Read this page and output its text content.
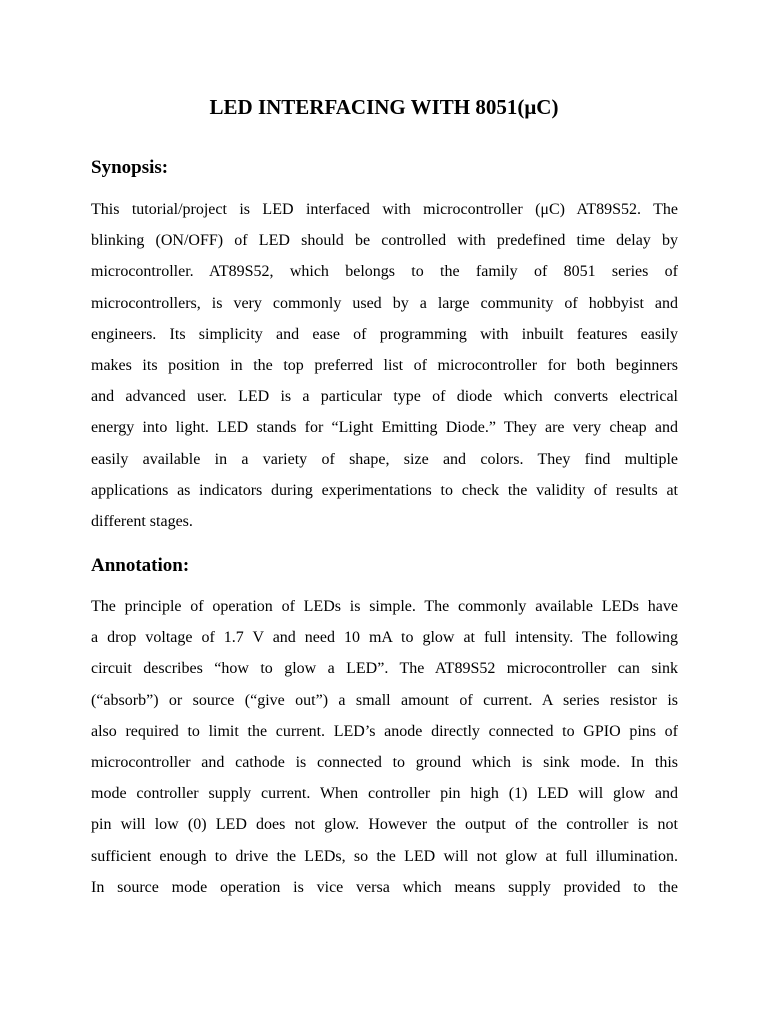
LED INTERFACING WITH 8051(μC)
Synopsis:

This tutorial/project is LED interfaced with microcontroller (μC) AT89S52. The
blinking (ON/OFF) of LED should be controlled with predefined time delay by
microcontroller. AT89S52, which belongs to the family of 8051 series of
microcontrollers, is very commonly used by a large community of hobbyist and
engineers. Its simplicity and ease of programming with inbuilt features easily
makes its position in the top preferred list of microcontroller for both beginners
and advanced user. LED is a particular type of diode which converts electrical
energy into light. LED stands for “Light Emitting Diode.” They are very cheap and
easily available in a variety of shape, size and colors. They find multiple
applications as indicators during experimentations to check the validity of results at
different stages.

Annotation:

The principle of operation of LEDs is simple. The commonly available LEDs have
a drop voltage of 1.7 V and need 10 mA to glow at full intensity. The following
circuit describes “how to glow a LED”. The AT89S52 microcontroller can sink
(“absorb”) or source (“give out”) a small amount of current. A series resistor is
also required to limit the current. LED’s anode directly connected to GPIO pins of
microcontroller and cathode is connected to ground which is sink mode. In this
mode controller supply current. When controller pin high (1) LED will glow and
pin will low (0) LED does not glow. However the output of the controller is not
sufficient enough to drive the LEDs, so the LED will not glow at full illumination.
In source mode operation is vice versa which means supply provided to the
